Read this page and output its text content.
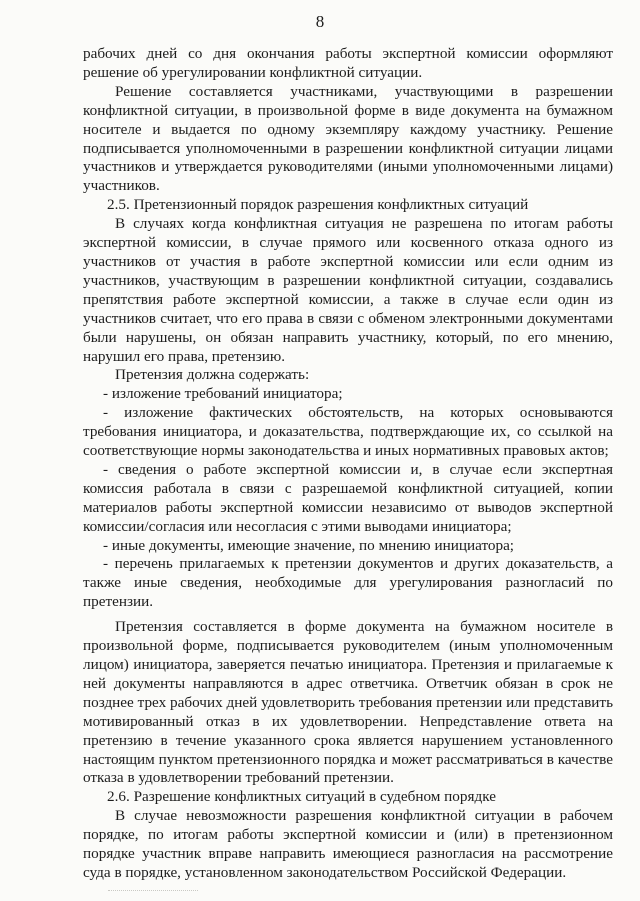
8

рабочих дней со дня окончания работы экспертной комиссии оформляют решение об урегулировании конфликтной ситуации.

Решение составляется участниками, участвующими в разрешении конфликтной ситуации, в произвольной форме в виде документа на бумажном носителе и выдается по одному экземпляру каждому участнику. Решение подписывается уполномоченными в разрешении конфликтной ситуации лицами участников и утверждается руководителями (иными уполномоченными лицами) участников.

2.5. Претензионный порядок разрешения конфликтных ситуаций

В случаях когда конфликтная ситуация не разрешена по итогам работы экспертной комиссии, в случае прямого или косвенного отказа одного из участников от участия в работе экспертной комиссии или если одним из участников, участвующим в разрешении конфликтной ситуации, создавались препятствия работе экспертной комиссии, а также в случае если один из участников считает, что его права в связи с обменом электронными документами были нарушены, он обязан направить участнику, который, по его мнению, нарушил его права, претензию.

Претензия должна содержать:

- изложение требований инициатора;

- изложение фактических обстоятельств, на которых основываются требования инициатора, и доказательства, подтверждающие их, со ссылкой на соответствующие нормы законодательства и иных нормативных правовых актов;

- сведения о работе экспертной комиссии и, в случае если экспертная комиссия работала в связи с разрешаемой конфликтной ситуацией, копии материалов работы экспертной комиссии независимо от выводов экспертной комиссии/согласия или несогласия с этими выводами инициатора;

- иные документы, имеющие значение, по мнению инициатора;

- перечень прилагаемых к претензии документов и других доказательств, а также иные сведения, необходимые для урегулирования разногласий по претензии.

Претензия составляется в форме документа на бумажном носителе в произвольной форме, подписывается руководителем (иным уполномоченным лицом) инициатора, заверяется печатью инициатора. Претензия и прилагаемые к ней документы направляются в адрес ответчика. Ответчик обязан в срок не позднее трех рабочих дней удовлетворить требования претензии или представить мотивированный отказ в их удовлетворении. Непредставление ответа на претензию в течение указанного срока является нарушением установленного настоящим пунктом претензионного порядка и может рассматриваться в качестве отказа в удовлетворении требований претензии.

2.6. Разрешение конфликтных ситуаций в судебном порядке

В случае невозможности разрешения конфликтной ситуации в рабочем порядке, по итогам работы экспертной комиссии и (или) в претензионном порядке участник вправе направить имеющиеся разногласия на рассмотрение суда в порядке, установленном законодательством Российской Федерации.
